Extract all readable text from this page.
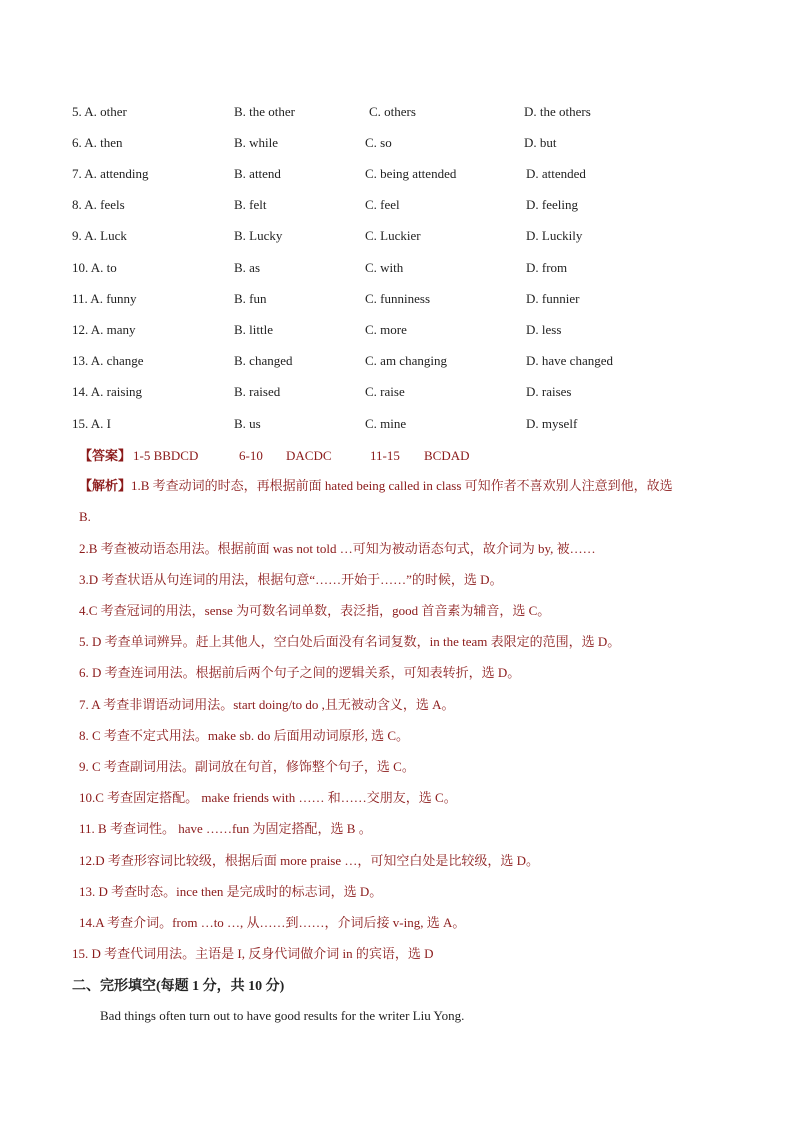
5. A. other	B. the other	C. others	D. the others
6. A. then	B. while	C. so	D. but
7. A. attending	B. attend	C. being attended	D. attended
8. A. feels	B. felt	C. feel	D. feeling
9. A. Luck	B. Lucky	C. Luckier	D. Luckily
10. A. to	B. as	C. with	D. from
11. A. funny	B. fun	C. funniness	D. funnier
12. A. many	B. little	C. more	D. less
13. A. change	B. changed	C. am changing	D. have changed
14. A. raising	B. raised	C. raise	D. raises
15. A. I	B. us	C. mine	D. myself
【答案】 1-5 BBDCD	6-10 DACDC	11-15 BCDAD
【解析】1.B 考查动词的时态，再根据前面 hated being called in class 可知作者不喜欢别人注意到他，故选
B.
2.B 考查被动语态用法。根据前面 was not told …可知为被动语态句式，故介词为 by, 被……
3.D 考查状语从句连词的用法，根据句意“……开始于……”的时候，选 D。
4.C 考查冠词的用法，sense 为可数名词单数，表泛指，good 首音素为辅音，选 C。
5. D 考查单词辨异。赶上其他人，空白处后面没有名词复数，in the team 表限定的范围，选 D。
6. D 考查连词用法。根据前后两个句子之间的逻辑关系，可知表转折，选 D。
7. A 考查非谓语动词用法。start doing/to do ,且无被动含义，选 A。
8. C 考查不定式用法。make sb. do 后面用动词原形, 选 C。
9. C 考查副词用法。副词放在句首，修饰整个句子，选 C。
10.C 考查固定搭配。 make friends with …… 和……交朋友，选 C。
11. B 考查词性。 have ……fun 为固定搭配，选 B 。
12.D 考查形容词比较级，根据后面 more praise …，可知空白处是比较级，选 D。
13. D 考查时态。ince then 是完成时的标志词，选 D。
14.A 考查介词。from …to …, 从……到……，介词后接 v-ing, 选 A。
15. D 考查代词用法。主语是 I, 反身代词做介词 in 的宾语，选 D
二、完形填空(每题 1 分，共 10 分)
Bad things often turn out to have good results for the writer Liu Yong.
